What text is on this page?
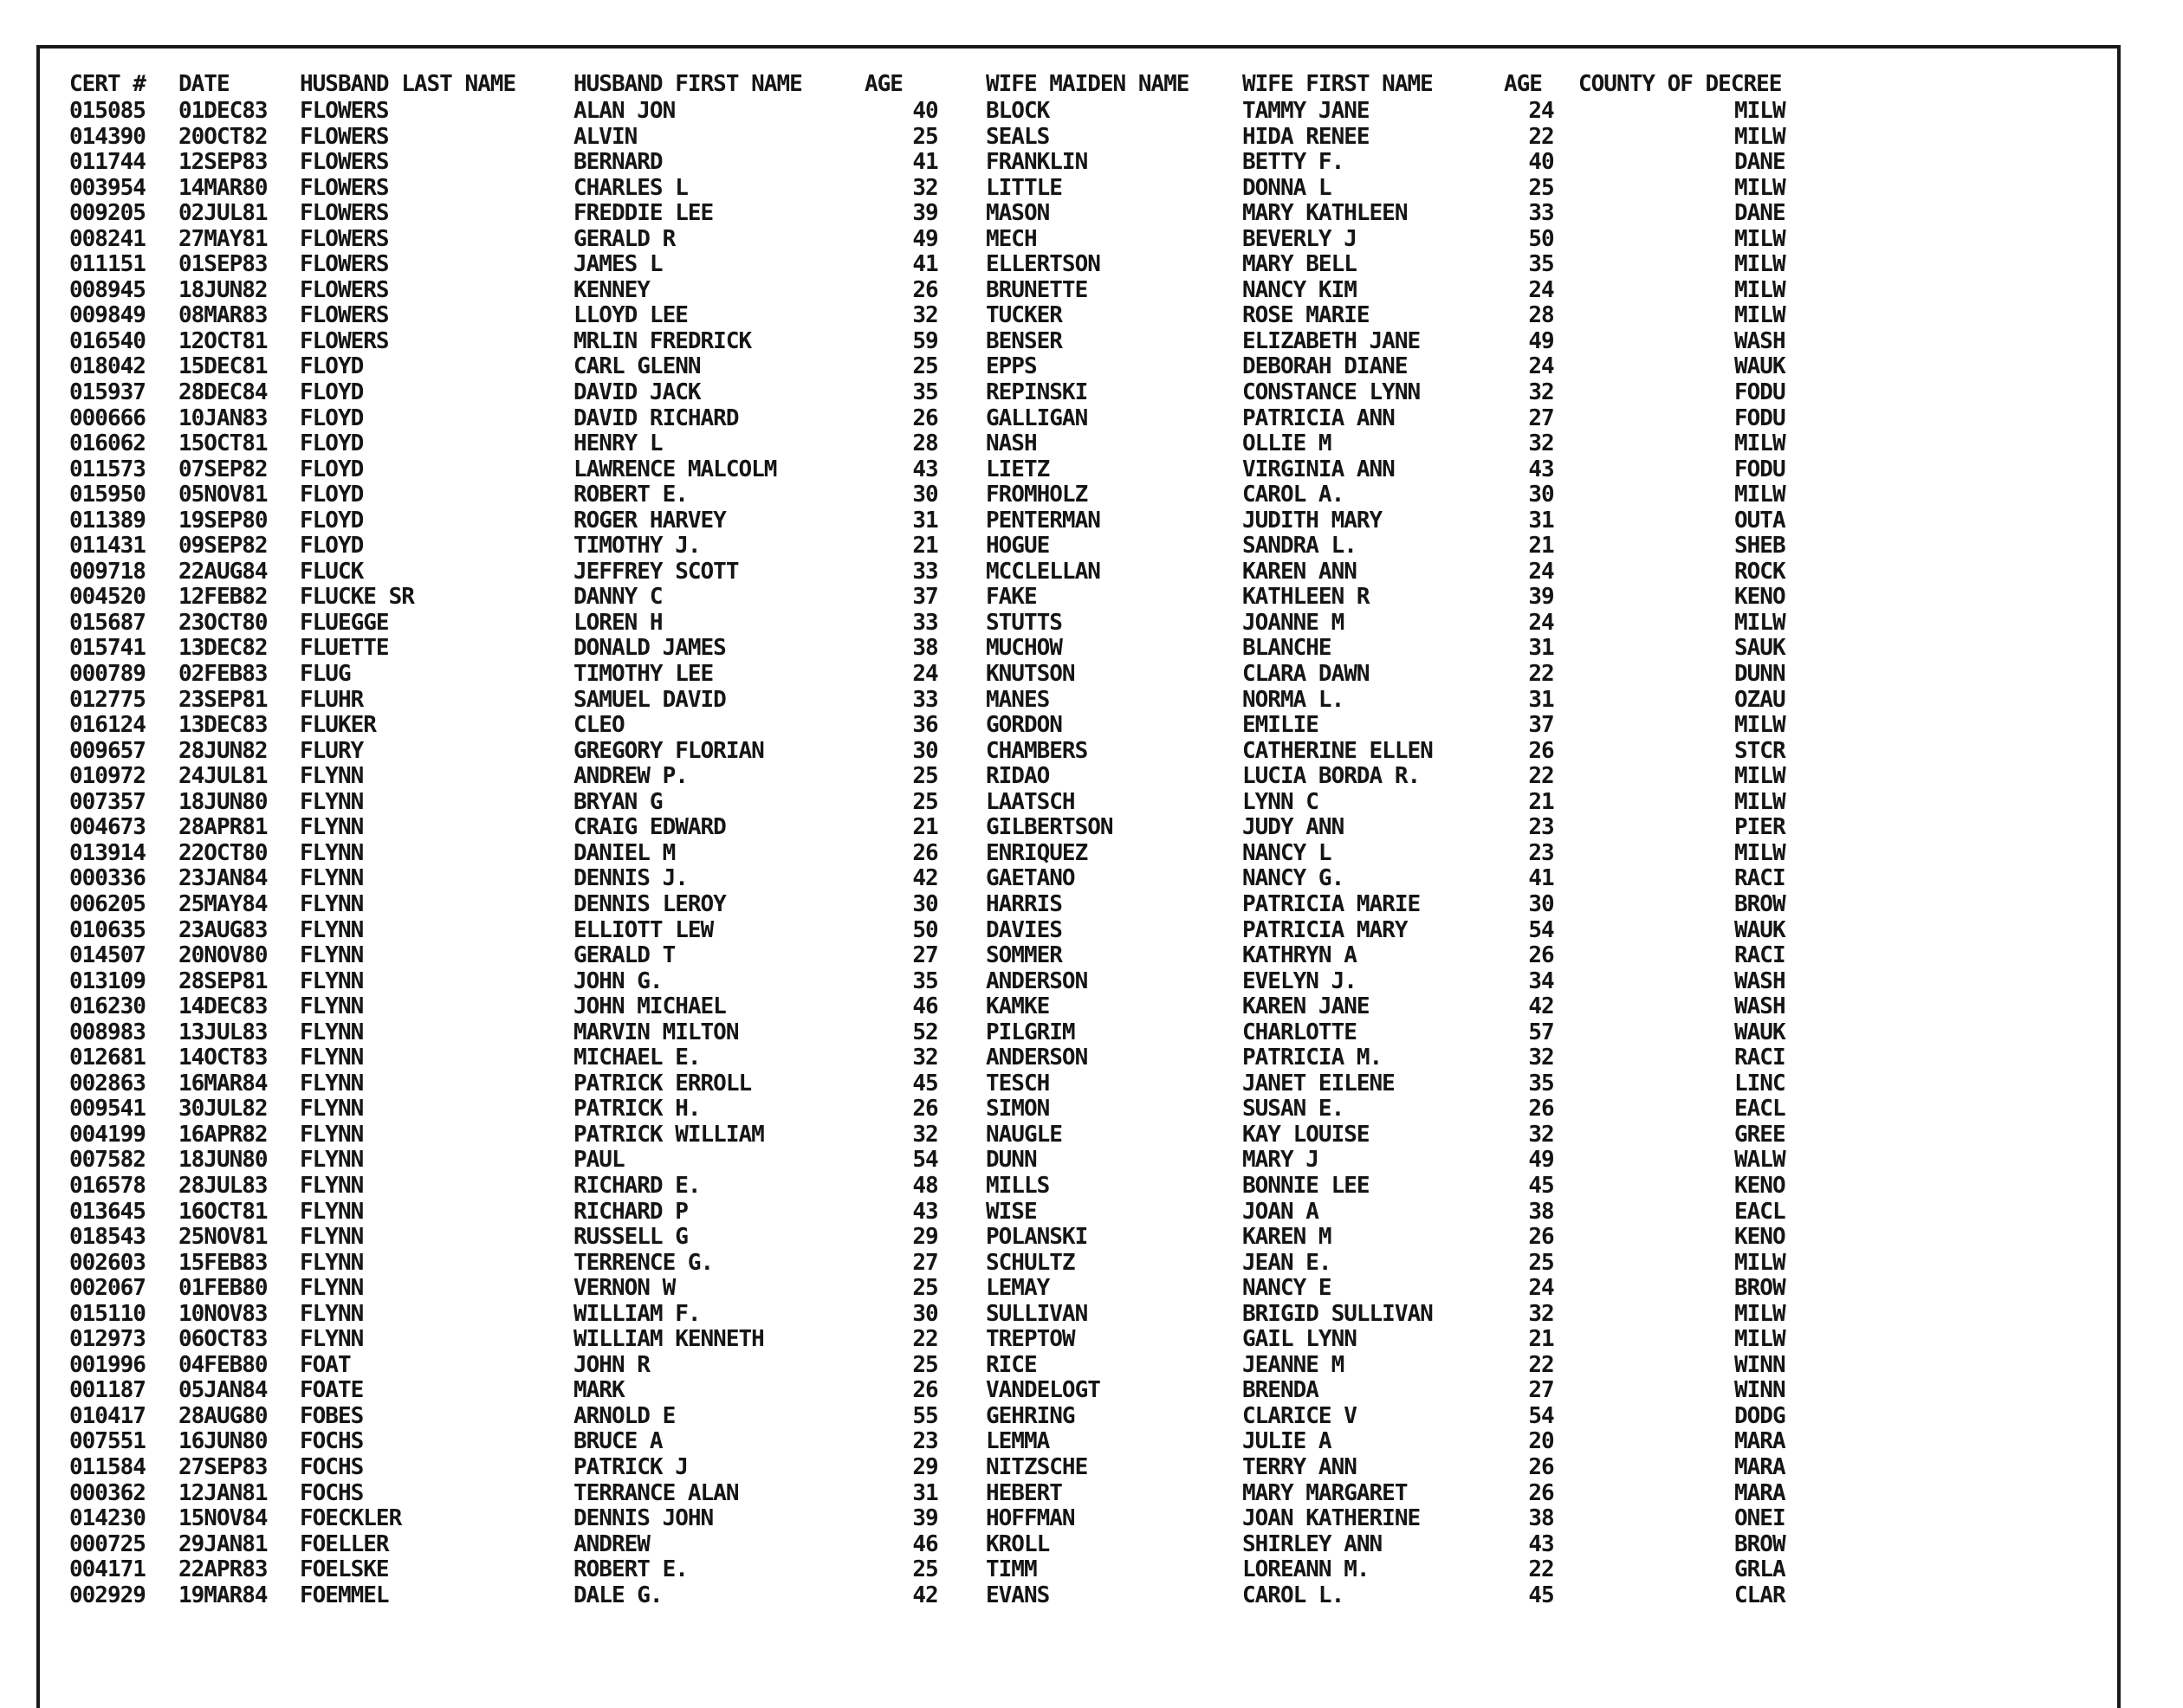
CERT #	DATE	HUSBAND LAST NAME	HUSBAND FIRST NAME	AGE	WIFE MAIDEN NAME	WIFE FIRST NAME	AGE	COUNTY OF DECREE
015085	01DEC83	FLOWERS	ALAN JON	40	BLOCK	TAMMY JANE	24	MILW
014390	20OCT82	FLOWERS	ALVIN	25	SEALS	HIDA RENEE	22	MILW
011744	12SEP83	FLOWERS	BERNARD	41	FRANKLIN	BETTY F.	40	DANE
003954	14MAR80	FLOWERS	CHARLES L	32	LITTLE	DONNA L	25	MILW
009205	02JUL81	FLOWERS	FREDDIE LEE	39	MASON	MARY KATHLEEN	33	DANE
008241	27MAY81	FLOWERS	GERALD R	49	MECH	BEVERLY J	50	MILW
011151	01SEP83	FLOWERS	JAMES L	41	ELLERTSON	MARY BELL	35	MILW
008945	18JUN82	FLOWERS	KENNEY	26	BRUNETTE	NANCY KIM	24	MILW
009849	08MAR83	FLOWERS	LLOYD LEE	32	TUCKER	ROSE MARIE	28	MILW
016540	12OCT81	FLOWERS	MRLIN FREDRICK	59	BENSER	ELIZABETH JANE	49	WASH
018042	15DEC81	FLOYD	CARL GLENN	25	EPPS	DEBORAH DIANE	24	WAUK
015937	28DEC84	FLOYD	DAVID JACK	35	REPINSKI	CONSTANCE LYNN	32	FODU
000666	10JAN83	FLOYD	DAVID RICHARD	26	GALLIGAN	PATRICIA ANN	27	FODU
016062	15OCT81	FLOYD	HENRY L	28	NASH	OLLIE M	32	MILW
011573	07SEP82	FLOYD	LAWRENCE MALCOLM	43	LIETZ	VIRGINIA ANN	43	FODU
015950	05NOV81	FLOYD	ROBERT E.	30	FROMHOLZ	CAROL A.	30	MILW
011389	19SEP80	FLOYD	ROGER HARVEY	31	PENTERMAN	JUDITH MARY	31	OUTA
011431	09SEP82	FLOYD	TIMOTHY J.	21	HOGUE	SANDRA L.	21	SHEB
009718	22AUG84	FLUCK	JEFFREY SCOTT	33	MCCLELLAN	KAREN ANN	24	ROCK
004520	12FEB82	FLUCKE SR	DANNY C	37	FAKE	KATHLEEN R	39	KENO
015687	23OCT80	FLUEGGE	LOREN H	33	STUTTS	JOANNE M	24	MILW
015741	13DEC82	FLUETTE	DONALD JAMES	38	MUCHOW	BLANCHE	31	SAUK
000789	02FEB83	FLUG	TIMOTHY LEE	24	KNUTSON	CLARA DAWN	22	DUNN
012775	23SEP81	FLUHR	SAMUEL DAVID	33	MANES	NORMA L.	31	OZAU
016124	13DEC83	FLUKER	CLEO	36	GORDON	EMILIE	37	MILW
009657	28JUN82	FLURY	GREGORY FLORIAN	30	CHAMBERS	CATHERINE ELLEN	26	STCR
010972	24JUL81	FLYNN	ANDREW P.	25	RIDAO	LUCIA BORDA R.	22	MILW
007357	18JUN80	FLYNN	BRYAN G	25	LAATSCH	LYNN C	21	MILW
004673	28APR81	FLYNN	CRAIG EDWARD	21	GILBERTSON	JUDY ANN	23	PIER
013914	22OCT80	FLYNN	DANIEL M	26	ENRIQUEZ	NANCY L	23	MILW
000336	23JAN84	FLYNN	DENNIS J.	42	GAETANO	NANCY G.	41	RACI
006205	25MAY84	FLYNN	DENNIS LEROY	30	HARRIS	PATRICIA MARIE	30	BROW
010635	23AUG83	FLYNN	ELLIOTT LEW	50	DAVIES	PATRICIA MARY	54	WAUK
014507	20NOV80	FLYNN	GERALD T	27	SOMMER	KATHRYN A	26	RACI
013109	28SEP81	FLYNN	JOHN G.	35	ANDERSON	EVELYN J.	34	WASH
016230	14DEC83	FLYNN	JOHN MICHAEL	46	KAMKE	KAREN JANE	42	WASH
008983	13JUL83	FLYNN	MARVIN MILTON	52	PILGRIM	CHARLOTTE	57	WAUK
012681	14OCT83	FLYNN	MICHAEL E.	32	ANDERSON	PATRICIA M.	32	RACI
002863	16MAR84	FLYNN	PATRICK ERROLL	45	TESCH	JANET EILENE	35	LINC
009541	30JUL82	FLYNN	PATRICK H.	26	SIMON	SUSAN E.	26	EACL
004199	16APR82	FLYNN	PATRICK WILLIAM	32	NAUGLE	KAY LOUISE	32	GREE
007582	18JUN80	FLYNN	PAUL	54	DUNN	MARY J	49	WALW
016578	28JUL83	FLYNN	RICHARD E.	48	MILLS	BONNIE LEE	45	KENO
013645	16OCT81	FLYNN	RICHARD P	43	WISE	JOAN A	38	EACL
018543	25NOV81	FLYNN	RUSSELL G	29	POLANSKI	KAREN M	26	KENO
002603	15FEB83	FLYNN	TERRENCE G.	27	SCHULTZ	JEAN E.	25	MILW
002067	01FEB80	FLYNN	VERNON W	25	LEMAY	NANCY E	24	BROW
015110	10NOV83	FLYNN	WILLIAM F.	30	SULLIVAN	BRIGID SULLIVAN	32	MILW
012973	06OCT83	FLYNN	WILLIAM KENNETH	22	TREPTOW	GAIL LYNN	21	MILW
001996	04FEB80	FOAT	JOHN R	25	RICE	JEANNE M	22	WINN
001187	05JAN84	FOATE	MARK	26	VANDELOGT	BRENDA	27	WINN
010417	28AUG80	FOBES	ARNOLD E	55	GEHRING	CLARICE V	54	DODG
007551	16JUN80	FOCHS	BRUCE A	23	LEMMA	JULIE A	20	MARA
011584	27SEP83	FOCHS	PATRICK J	29	NITZSCHE	TERRY ANN	26	MARA
000362	12JAN81	FOCHS	TERRANCE ALAN	31	HEBERT	MARY MARGARET	26	MARA
014230	15NOV84	FOECKLER	DENNIS JOHN	39	HOFFMAN	JOAN KATHERINE	38	ONEI
000725	29JAN81	FOELLER	ANDREW	46	KROLL	SHIRLEY ANN	43	BROW
004171	22APR83	FOELSKE	ROBERT E.	25	TIMM	LOREANN M.	22	GRLA
002929	19MAR84	FOEMMEL	DALE G.	42	EVANS	CAROL L.	45	CLAR
